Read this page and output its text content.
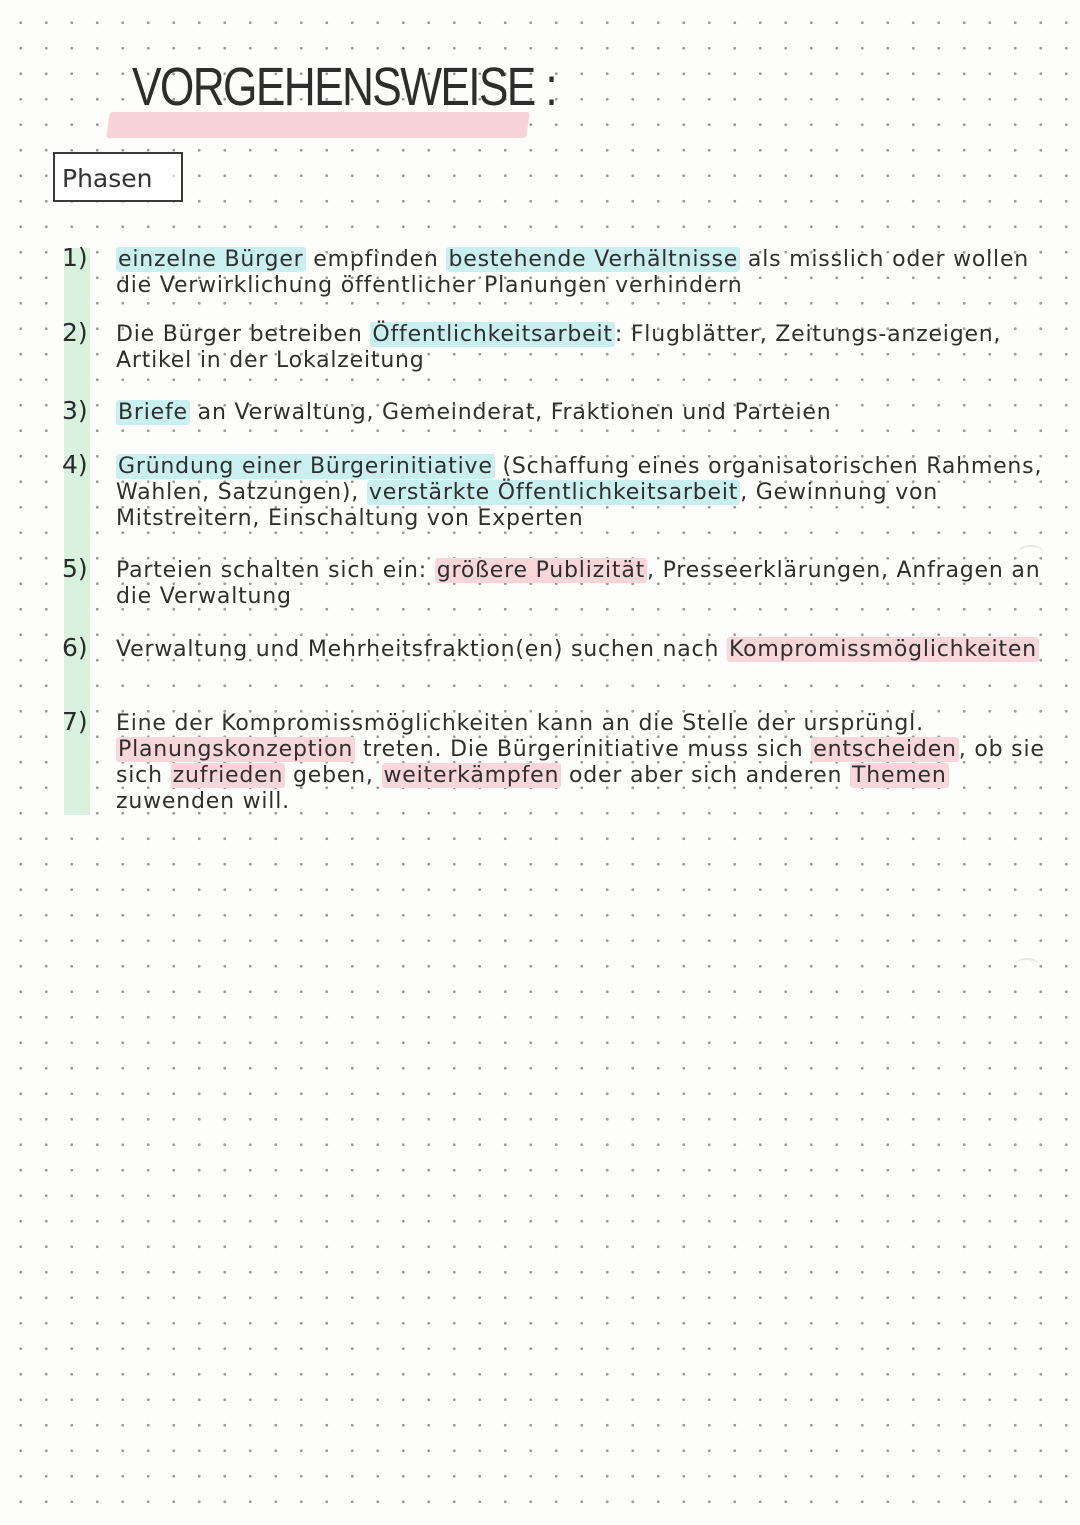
VORGEHENSWEISE :
Phasen
1)	einzelne Bürger empfinden bestehende Verhältnisse als misslich oder wollen die Verwirklichung öffentlicher Planungen verhindern
2)	Die Bürger betreiben Öffentlichkeitsarbeit: Flugblätter, Zeitungs-anzeigen, Artikel in der Lokalzeitung
3)	Briefe an Verwaltung, Gemeinderat, Fraktionen und Parteien
4)	Gründung einer Bürgerinitiative (Schaffung eines organisatorischen Rahmens, Wahlen, Satzungen), verstärkte Öffentlichkeitsarbeit, Gewinnung von Mitstreitern, Einschaltung von Experten
5)	Parteien schalten sich ein: größere Publizität, Presseerklärungen, Anfragen an die Verwaltung
6)	Verwaltung und Mehrheitsfraktion(en) suchen nach Kompromissmöglichkeiten
7)	Eine der Kompromissmöglichkeiten kann an die Stelle der ursprüngl. Planungskonzeption treten. Die Bürgerinitiative muss sich entscheiden, ob sie sich zufrieden geben, weiterkämpfen oder aber sich anderen Themen zuwenden will.
